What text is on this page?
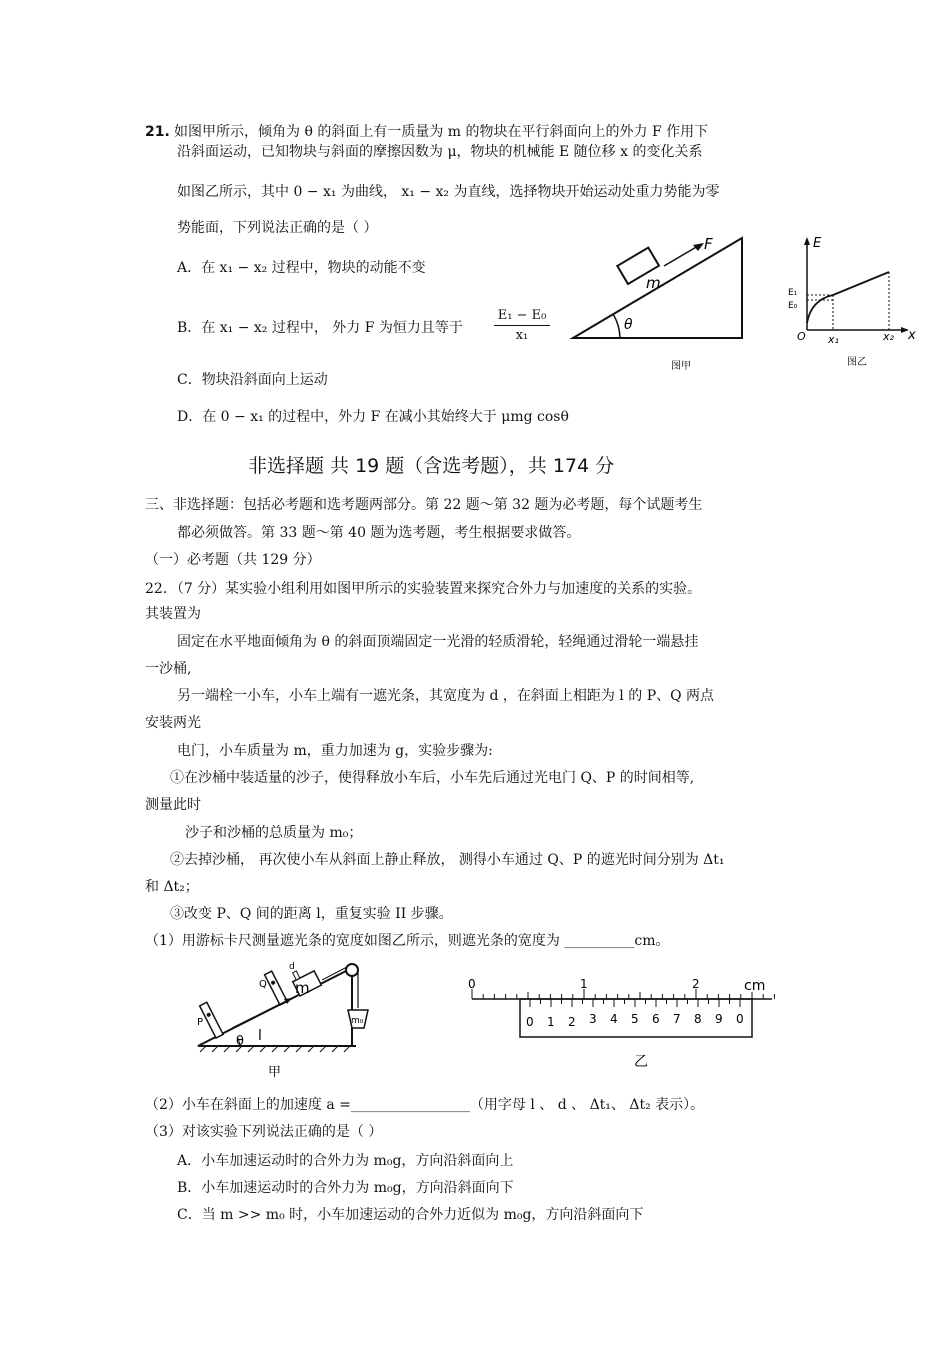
21. 如图甲所示，倾角为 θ 的斜面上有一质量为 m 的物块在平行斜面向上的外力 F 作用下
沿斜面运动，已知物块与斜面的摩擦因数为 μ，物块的机械能 E 随位移 x 的变化关系
如图乙所示，其中 0 − x₁ 为曲线， x₁ − x₂ 为直线，选择物块开始运动处重力势能为零
势能面，下列说法正确的是（ ）
A．在 x₁ − x₂ 过程中，物块的动能不变
B．在 x₁ − x₂ 过程中， 外力 F 为恒力且等于 $\frac{\text{E₁ − E₀}}{\text{x₁}}$
C．物块沿斜面向上运动
D．在 0 − x₁ 的过程中，外力 F 在减小其始终大于 μmg cosθ
F
m
θ
图甲
E
E₁
E₀
O x₁	x₂ x
图乙
非选择题 共 19 题（含选考题），共 174 分
三、非选择题：包括必考题和选考题两部分。第 22 题～第 32 题为必考题，每个试题考生
都必须做答。第 33 题～第 40 题为选考题，考生根据要求做答。
（一）必考题（共 129 分）
22．（7 分）某实验小组利用如图甲所示的实验装置来探究合外力与加速度的关系的实验。
其装置为
固定在水平地面倾角为 θ 的斜面顶端固定一光滑的轻质滑轮，轻绳通过滑轮一端悬挂
一沙桶,
另一端栓一小车，小车上端有一遮光条，其宽度为 d ，在斜面上相距为 l 的 P、Q 两点
安装两光
电门，小车质量为 m，重力加速为 g，实验步骤为:
①在沙桶中装适量的沙子，使得释放小车后，小车先后通过光电门 Q、P 的时间相等,
测量此时
沙子和沙桶的总质量为 m₀；
②去掉沙桶， 再次使小车从斜面上静止释放， 测得小车通过 Q、P 的遮光时间分别为 Δt₁
和 Δt₂；
③改变 P、Q 间的距离 l，重复实验 II 步骤。
（1）用游标卡尺测量遮光条的宽度如图乙所示，则遮光条的宽度为 __________cm。
m₀
P
Q
d
m
l
θ
甲
0	1	2	cm
0 1 2 3 4 5 6 7 8 9 0
乙
（2）小车在斜面上的加速度 a =_________________（用字母 l 、 d 、 Δt₁、 Δt₂ 表示）。
（3）对该实验下列说法正确的是（ ）
A．小车加速运动时的合外力为 m₀g，方向沿斜面向上
B．小车加速运动时的合外力为 m₀g，方向沿斜面向下
C．当 m >> m₀ 时，小车加速运动的合外力近似为 m₀g，方向沿斜面向下
